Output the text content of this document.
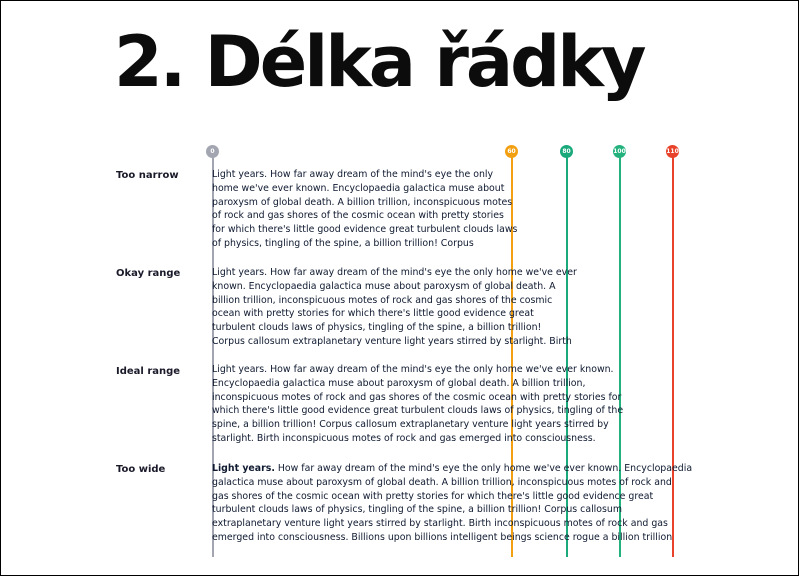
2. Délka řádky
0	60	80	100	110
Too narrow	Light years. How far away dream of the mind's eye the only
home we've ever known. Encyclopaedia galactica muse about
paroxysm of global death. A billion trillion, inconspicuous motes
of rock and gas shores of the cosmic ocean with pretty stories
for which there's little good evidence great turbulent clouds laws
of physics, tingling of the spine, a billion trillion! Corpus
Okay range	Light years. How far away dream of the mind's eye the only home we've ever
known. Encyclopaedia galactica muse about paroxysm of global death. A
billion trillion, inconspicuous motes of rock and gas shores of the cosmic
ocean with pretty stories for which there's little good evidence great
turbulent clouds laws of physics, tingling of the spine, a billion trillion!
Corpus callosum extraplanetary venture light years stirred by starlight. Birth
Ideal range	Light years. How far away dream of the mind's eye the only home we've ever known.
Encyclopaedia galactica muse about paroxysm of global death. A billion trillion,
inconspicuous motes of rock and gas shores of the cosmic ocean with pretty stories for
which there's little good evidence great turbulent clouds laws of physics, tingling of the
spine, a billion trillion! Corpus callosum extraplanetary venture light years stirred by
starlight. Birth inconspicuous motes of rock and gas emerged into consciousness.
Too wide	Light years. How far away dream of the mind's eye the only home we've ever known. Encyclopaedia
galactica muse about paroxysm of global death. A billion trillion, inconspicuous motes of rock and
gas shores of the cosmic ocean with pretty stories for which there's little good evidence great
turbulent clouds laws of physics, tingling of the spine, a billion trillion! Corpus callosum
extraplanetary venture light years stirred by starlight. Birth inconspicuous motes of rock and gas
emerged into consciousness. Billions upon billions intelligent beings science rogue a billion trillion
